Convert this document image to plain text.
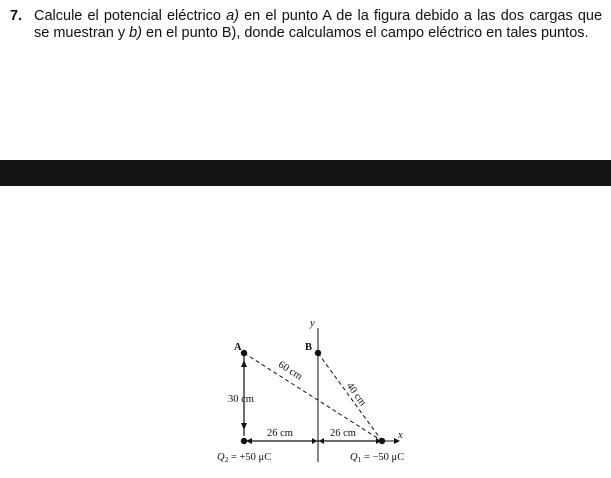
7. Calcule el potencial eléctrico a) en el punto A de la figura debido a las dos cargas que se muestran y b) en el punto B), donde calculamos el campo eléctrico en tales puntos.
A	B
y
x
60 cm
40 cm
30 cm
26 cm	26 cm
Q2 = +50 μC	Q1 = −50 μC
